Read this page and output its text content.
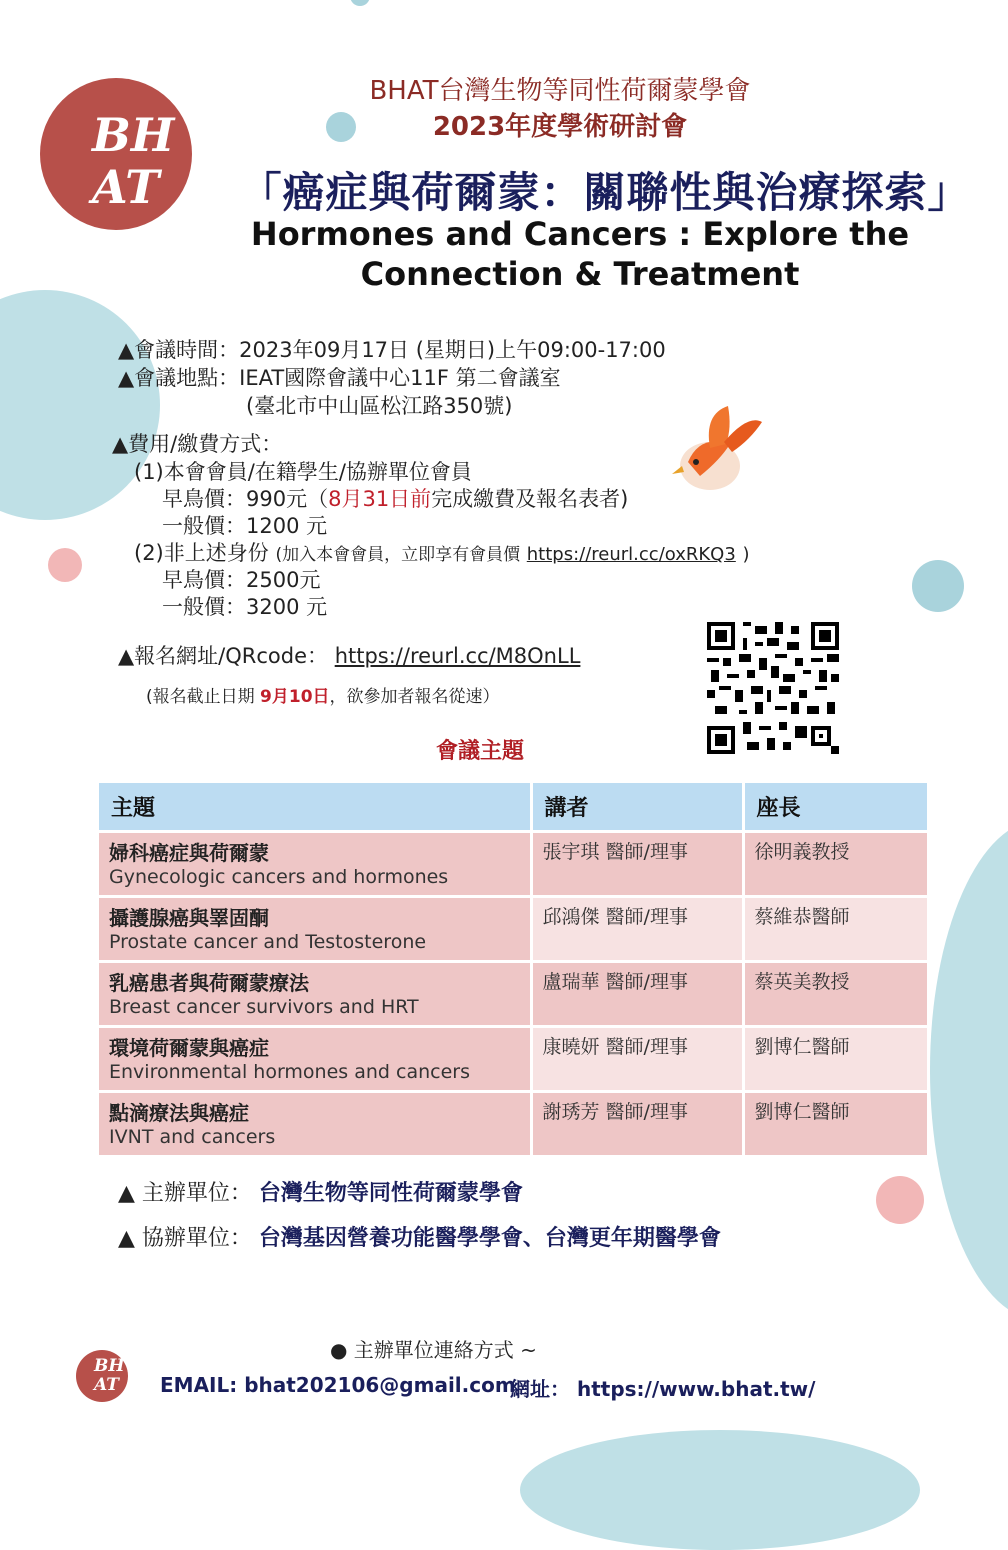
BH
AT
BHAT台灣生物等同性荷爾蒙學會
2023年度學術研討會
「癌症與荷爾蒙：關聯性與治療探索」
Hormones and Cancers : Explore the
Connection & Treatment
▲會議時間：2023年09月17日 (星期日)上午09:00-17:00
▲會議地點：IEAT國際會議中心11F 第二會議室
(臺北市中山區松江路350號)
▲費用/繳費方式：
(1)本會會員/在籍學生/協辦單位會員
早鳥價：990元（8月31日前完成繳費及報名表者)
一般價：1200 元
(2)非上述身份 (加入本會會員，立即享有會員價 https://reurl.cc/oxRKQ3 )
早鳥價：2500元
一般價：3200 元
▲報名網址/QRcode： https://reurl.cc/M8OnLL
(報名截止日期 9月10日，欲參加者報名從速）
會議主題
主題	講者	座長

婦科癌症與荷爾蒙
Gynecologic cancers and hormones	張宇琪 醫師/理事	徐明義教授

攝護腺癌與睪固酮
Prostate cancer and Testosterone	邱鴻傑 醫師/理事	蔡維恭醫師

乳癌患者與荷爾蒙療法
Breast cancer survivors and HRT	盧瑞華 醫師/理事	蔡英美教授

環境荷爾蒙與癌症
Environmental hormones and cancers	康曉妍 醫師/理事	劉博仁醫師

點滴療法與癌症
IVNT and cancers	謝琇芳 醫師/理事	劉博仁醫師
▲ 主辦單位： 台灣生物等同性荷爾蒙學會
▲ 協辦單位： 台灣基因營養功能醫學學會、台灣更年期醫學會
● 主辦單位連絡方式 ~
BH
AT EMAIL: bhat202106@gmail.com
網址： https://www.bhat.tw/
